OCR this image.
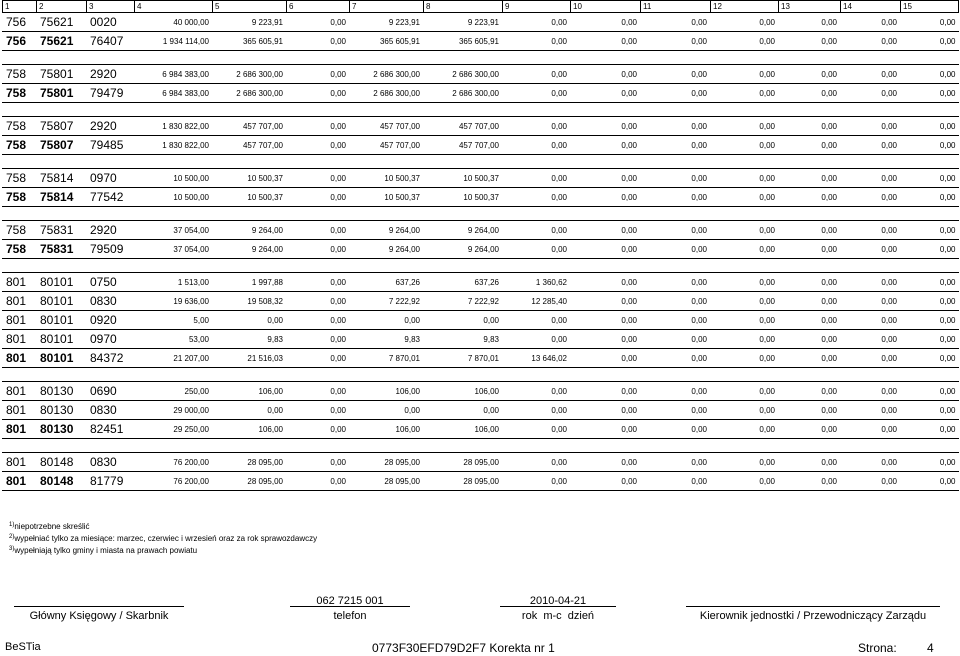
1	2	3	4	5	6	7	8	9	10	11	12	13	14	15
756	75621	0020	40 000,00	9 223,91	0,00	9 223,91	9 223,91	0,00	0,00	0,00	0,00	0,00	0,00	0,00
756	75621	76407	1 934 114,00	365 605,91	0,00	365 605,91	365 605,91	0,00	0,00	0,00	0,00	0,00	0,00	0,00

758	75801	2920	6 984 383,00	2 686 300,00	0,00	2 686 300,00	2 686 300,00	0,00	0,00	0,00	0,00	0,00	0,00	0,00
758	75801	79479	6 984 383,00	2 686 300,00	0,00	2 686 300,00	2 686 300,00	0,00	0,00	0,00	0,00	0,00	0,00	0,00

758	75807	2920	1 830 822,00	457 707,00	0,00	457 707,00	457 707,00	0,00	0,00	0,00	0,00	0,00	0,00	0,00
758	75807	79485	1 830 822,00	457 707,00	0,00	457 707,00	457 707,00	0,00	0,00	0,00	0,00	0,00	0,00	0,00

758	75814	0970	10 500,00	10 500,37	0,00	10 500,37	10 500,37	0,00	0,00	0,00	0,00	0,00	0,00	0,00
758	75814	77542	10 500,00	10 500,37	0,00	10 500,37	10 500,37	0,00	0,00	0,00	0,00	0,00	0,00	0,00

758	75831	2920	37 054,00	9 264,00	0,00	9 264,00	9 264,00	0,00	0,00	0,00	0,00	0,00	0,00	0,00
758	75831	79509	37 054,00	9 264,00	0,00	9 264,00	9 264,00	0,00	0,00	0,00	0,00	0,00	0,00	0,00

801	80101	0750	1 513,00	1 997,88	0,00	637,26	637,26	1 360,62	0,00	0,00	0,00	0,00	0,00	0,00
801	80101	0830	19 636,00	19 508,32	0,00	7 222,92	7 222,92	12 285,40	0,00	0,00	0,00	0,00	0,00	0,00
801	80101	0920	5,00	0,00	0,00	0,00	0,00	0,00	0,00	0,00	0,00	0,00	0,00	0,00
801	80101	0970	53,00	9,83	0,00	9,83	9,83	0,00	0,00	0,00	0,00	0,00	0,00	0,00
801	80101	84372	21 207,00	21 516,03	0,00	7 870,01	7 870,01	13 646,02	0,00	0,00	0,00	0,00	0,00	0,00

801	80130	0690	250,00	106,00	0,00	106,00	106,00	0,00	0,00	0,00	0,00	0,00	0,00	0,00
801	80130	0830	29 000,00	0,00	0,00	0,00	0,00	0,00	0,00	0,00	0,00	0,00	0,00	0,00
801	80130	82451	29 250,00	106,00	0,00	106,00	106,00	0,00	0,00	0,00	0,00	0,00	0,00	0,00

801	80148	0830	76 200,00	28 095,00	0,00	28 095,00	28 095,00	0,00	0,00	0,00	0,00	0,00	0,00	0,00
801	80148	81779	76 200,00	28 095,00	0,00	28 095,00	28 095,00	0,00	0,00	0,00	0,00	0,00	0,00	0,00
$^{1)}$niepotrzebne skreślić
$^{2)}$wypełniać tylko za miesiące: marzec, czerwiec i wrzesień oraz za rok sprawozdawczy
$^{3)}$wypełniają tylko gminy i miasta na prawach powiatu
062 7215 001	2010-04-21
Główny Księgowy / Skarbnik	telefon	rok  m-c  dzień	Kierownik jednostki / Przewodniczący Zarządu
BeSTia	0773F30EFD79D2F7 Korekta nr 1	Strona:	4
